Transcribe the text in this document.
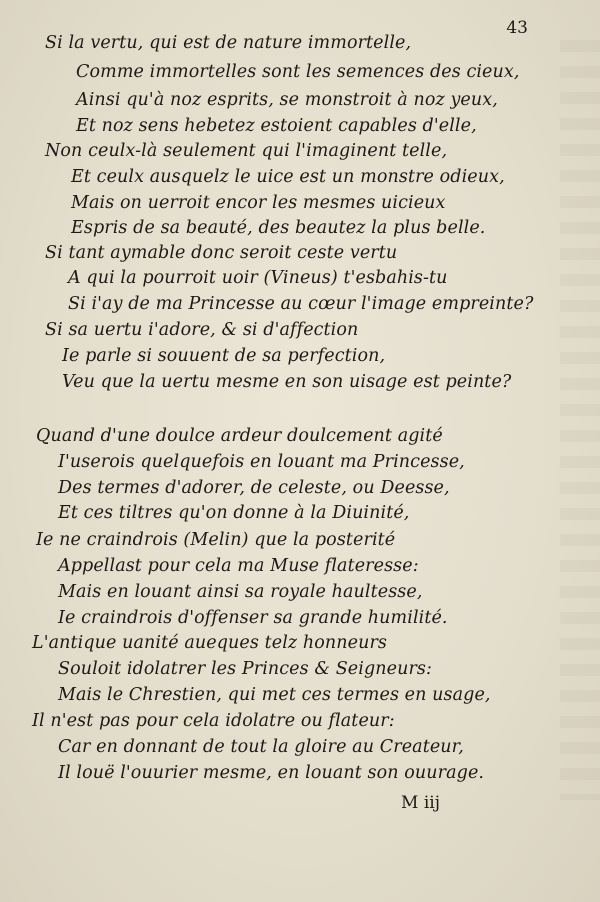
43
Si la vertu, qui est de nature immortelle,
Comme immortelles sont les semences des cieux,
Ainsi qu'à noz esprits, se monstroit à noz yeux,
Et noz sens hebetez estoient capables d'elle,
Non ceulx-là seulement qui l'imaginent telle,
Et ceulx ausquelz le uice est un monstre odieux,
Mais on uerroit encor les mesmes uicieux
Espris de sa beauté, des beautez la plus belle.
Si tant aymable donc seroit ceste vertu
A qui la pourroit uoir (Vineus) t'esbahis-tu
Si i'ay de ma Princesse au cœur l'image empreinte?
Si sa uertu i'adore, & si d'affection
Ie parle si souuent de sa perfection,
Veu que la uertu mesme en son uisage est peinte?
Quand d'une doulce ardeur doulcement agité
I'userois quelquefois en louant ma Princesse,
Des termes d'adorer, de celeste, ou Deesse,
Et ces tiltres qu'on donne à la Diuinité,
Ie ne craindrois (Melin) que la posterité
Appellast pour cela ma Muse flateresse:
Mais en louant ainsi sa royale haultesse,
Ie craindrois d'offenser sa grande humilité.
L'antique uanité aueques telz honneurs
Souloit idolatrer les Princes & Seigneurs:
Mais le Chrestien, qui met ces termes en usage,
Il n'est pas pour cela idolatre ou flateur:
Car en donnant de tout la gloire au Createur,
Il louë l'ouurier mesme, en louant son ouurage.
M iij
